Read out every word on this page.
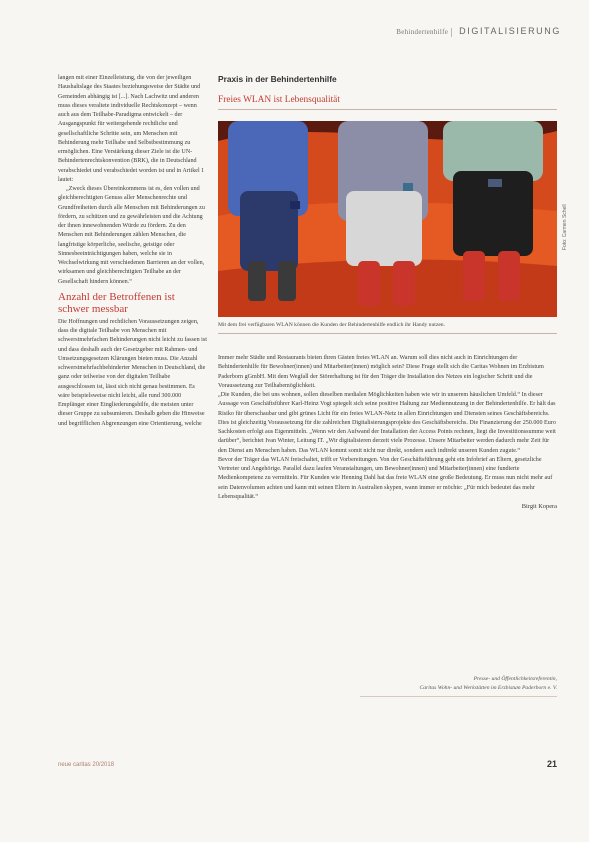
Behindertenhilfe DIGITALISIERUNG

langen mit einer Einzelleistung, die von der jeweiligen Haushaltslage des Staates beziehungsweise der Städte und Gemeinden abhängig ist [...]. Nach Lachwitz und anderen muss dieses veraltete individuelle Rechtskonzept – wenn auch aus dem Teilhabe-Paradigma entwickelt – der Ausgangspunkt für weitergehende rechtliche und gesellschaftliche Schritte sein, um Menschen mit Behinderung mehr Teilhabe und Selbstbestimmung zu ermöglichen. Eine Verstärkung dieser Ziele ist die UN-Behindertenrechtskonvention (BRK), die in Deutschland verabschiedet und verabschiedet worden ist und in Artikel 1 lautet:

„Zweck dieses Übereinkommens ist es, den vollen und gleichberechtigten Genuss aller Menschenrechte und Grundfreiheiten durch alle Menschen mit Behinderungen zu fördern, zu schützen und zu gewährleisten und die Achtung der ihnen innewohnenden Würde zu fördern. Zu den Menschen mit Behinderungen zählen Menschen, die langfristige körperliche, seelische, geistige oder Sinnesbeeinträchtigungen haben, welche sie in Wechselwirkung mit verschiedenen Barrieren an der vollen, wirksamen und gleichberechtigten Teilhabe an der Gesellschaft hindern können.“

Anzahl der Betroffenen ist schwer messbar

Die Hoffnungen und rechtlichen Voraussetzungen zeigen, dass die digitale Teilhabe von Menschen mit schwerstmehrfachen Behinderungen nicht leicht zu fassen ist und dass deshalb auch der Gesetzgeber mit Rahmen- und Umsetzungsgesetzen Klärungen bieten muss. Die Anzahl schwerstmehrfachbehinderter Menschen in Deutschland, die ganz oder teilweise von der digitalen Teilhabe ausgeschlossen ist, lässt sich nicht genau bestimmen. Es wäre beispielsweise nicht leicht, alle rund 300.000 Empfänger einer Eingliederungshilfe, die meisten unter dieser Gruppe zu subsumieren. Deshalb geben die Hinweise und begrifflichen Abgrenzungen eine Orientierung, welche

Praxis in der Behindertenhilfe
Freies WLAN ist Lebensqualität
Foto: Carmen Schell
Mit dem frei verfügbaren WLAN können die Kunden der Behindertenhilfe endlich ihr Handy nutzen.

Immer mehr Städte und Restaurants bieten ihren Gästen freies WLAN an. Warum soll dies nicht auch in Einrichtungen der Behindertenhilfe für Bewohner(innen) und Mitarbeiter(innen) möglich sein? Diese Frage stellt sich die Caritas Wohnen im Erzbistum Paderborn gGmbH. Mit dem Wegfall der Störerhaftung ist für den Träger die Installation des Netzes ein logischer Schritt und die Voraussetzung zur Teilhabemöglichkeit.

„Die Kunden, die bei uns wohnen, sollen dieselben medialen Möglichkeiten haben wie wir in unserem häuslichen Umfeld.“ In dieser Aussage von Geschäftsführer Karl-Heinz Vogt spiegelt sich seine positive Haltung zur Mediennutzung in der Behindertenhilfe. Er hält das Risiko für überschaubar und gibt grünes Licht für ein freies WLAN-Netz in allen Einrichtungen und Diensten seines Geschäftsbereichs. Dies ist gleichzeitig Voraussetzung für die zahlreichen Digitalisierungsprojekte des Geschäftsbereichs. Die Finanzierung der 250.000 Euro Sachkosten erfolgt aus Eigenmitteln. „Wenn wir den Aufwand der Installation der Access Points rechnen, liegt die Investitionssumme weit darüber“, berichtet Ivan Winter, Leitung IT. „Wir digitalisieren derzeit viele Prozesse. Unsere Mitarbeiter werden dadurch mehr Zeit für den Dienst am Menschen haben. Das WLAN kommt somit nicht nur direkt, sondern auch indirekt unseren Kunden zugute.“

Bevor der Träger das WLAN freischaltet, trifft er Vorbereitungen. Von der Geschäftsführung geht ein Infobrief an Eltern, gesetzliche Vertreter und Angehörige. Parallel dazu laufen Veranstaltungen, um Bewohner(innen) und Mitarbeiter(innen) eine fundierte Medienkompetenz zu vermitteln. Für Kunden wie Henning Dahl hat das freie WLAN eine große Bedeutung. Er muss nun nicht mehr auf sein Datenvolumen achten und kann mit seinen Eltern in Australien skypen, wann immer er möchte: „Für mich bedeutet das mehr Lebensqualität.“

Birgit Kopera
Presse- und Öffentlichkeitsreferentin,
Caritas Wohn- und Werkstätten im Erzbistum Paderborn e. V.
neue caritas 20/2018	21
